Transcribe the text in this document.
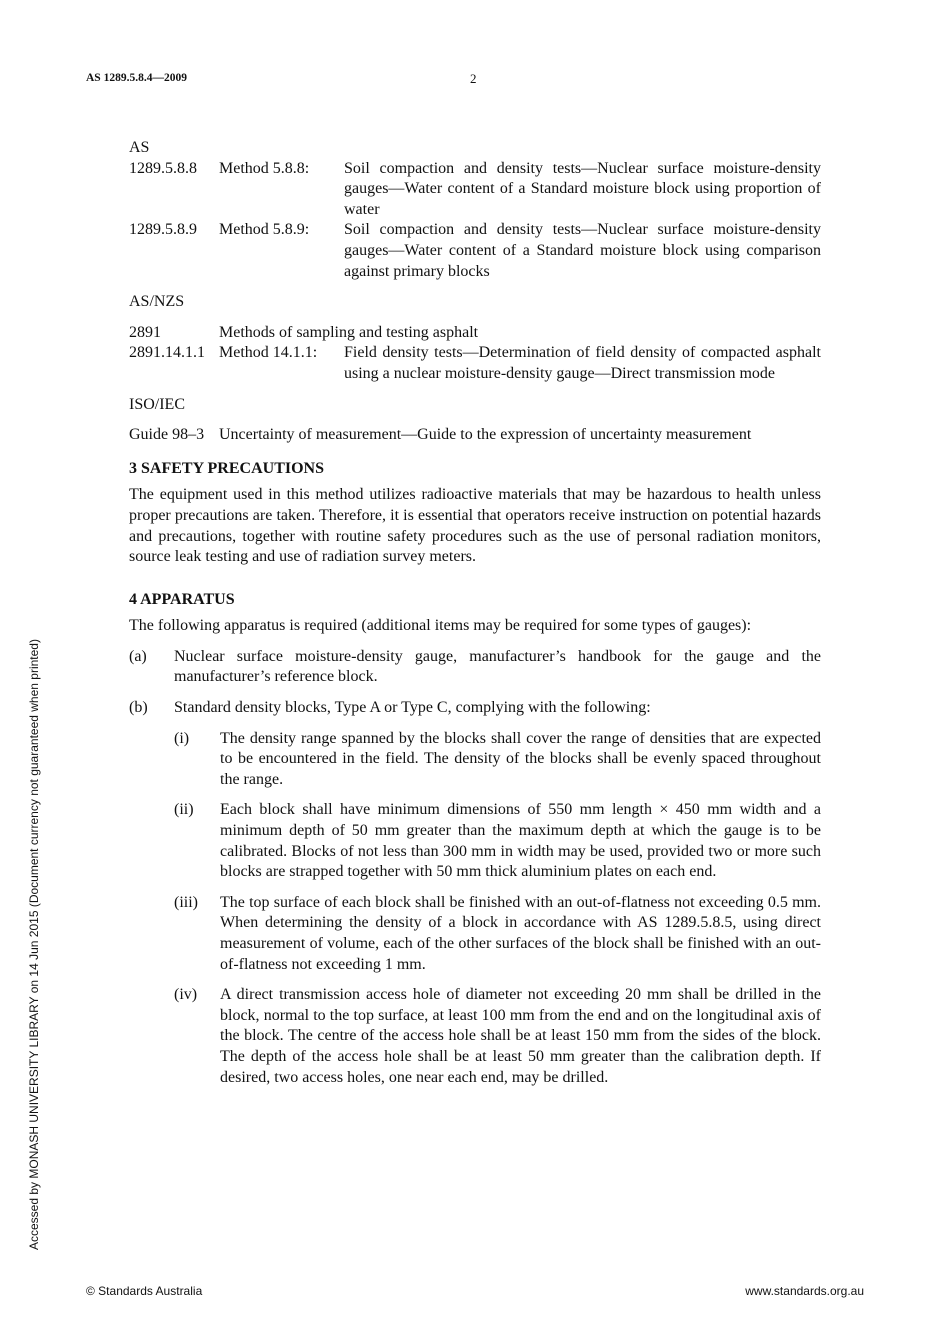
AS 1289.5.8.4—2009	2
Accessed by MONASH UNIVERSITY LIBRARY on 14 Jun 2015 (Document currency not guaranteed when printed)
AS
1289.5.8.8	Method 5.8.8:	Soil compaction and density tests—Nuclear surface moisture-density gauges—Water content of a Standard moisture block using proportion of water
1289.5.8.9	Method 5.8.9:	Soil compaction and density tests—Nuclear surface moisture-density gauges—Water content of a Standard moisture block using comparison against primary blocks
AS/NZS
2891	Methods of sampling and testing asphalt
2891.14.1.1 Method 14.1.1:	Field density tests—Determination of field density of compacted asphalt using a nuclear moisture-density gauge—Direct transmission mode
ISO/IEC
Guide 98–3 Uncertainty of measurement—Guide to the expression of uncertainty measurement
3 SAFETY PRECAUTIONS

The equipment used in this method utilizes radioactive materials that may be hazardous to health unless proper precautions are taken. Therefore, it is essential that operators receive instruction on potential hazards and precautions, together with routine safety procedures such as the use of personal radiation monitors, source leak testing and use of radiation survey meters.

4 APPARATUS

The following apparatus is required (additional items may be required for some types of gauges):

(a)	Nuclear surface moisture-density gauge, manufacturer’s handbook for the gauge and the manufacturer’s reference block.
(b)	Standard density blocks, Type A or Type C, complying with the following:
(i)	The density range spanned by the blocks shall cover the range of densities that are expected to be encountered in the field. The density of the blocks shall be evenly spaced throughout the range.
(ii)	Each block shall have minimum dimensions of 550 mm length × 450 mm width and a minimum depth of 50 mm greater than the maximum depth at which the gauge is to be calibrated. Blocks of not less than 300 mm in width may be used, provided two or more such blocks are strapped together with 50 mm thick aluminium plates on each end.
(iii)	The top surface of each block shall be finished with an out-of-flatness not exceeding 0.5 mm. When determining the density of a block in accordance with AS 1289.5.8.5, using direct measurement of volume, each of the other surfaces of the block shall be finished with an out-of-flatness not exceeding 1 mm.
(iv)	A direct transmission access hole of diameter not exceeding 20 mm shall be drilled in the block, normal to the top surface, at least 100 mm from the end and on the longitudinal axis of the block. The centre of the access hole shall be at least 150 mm from the sides of the block. The depth of the access hole shall be at least 50 mm greater than the calibration depth. If desired, two access holes, one near each end, may be drilled.
© Standards Australia	www.standards.org.au
